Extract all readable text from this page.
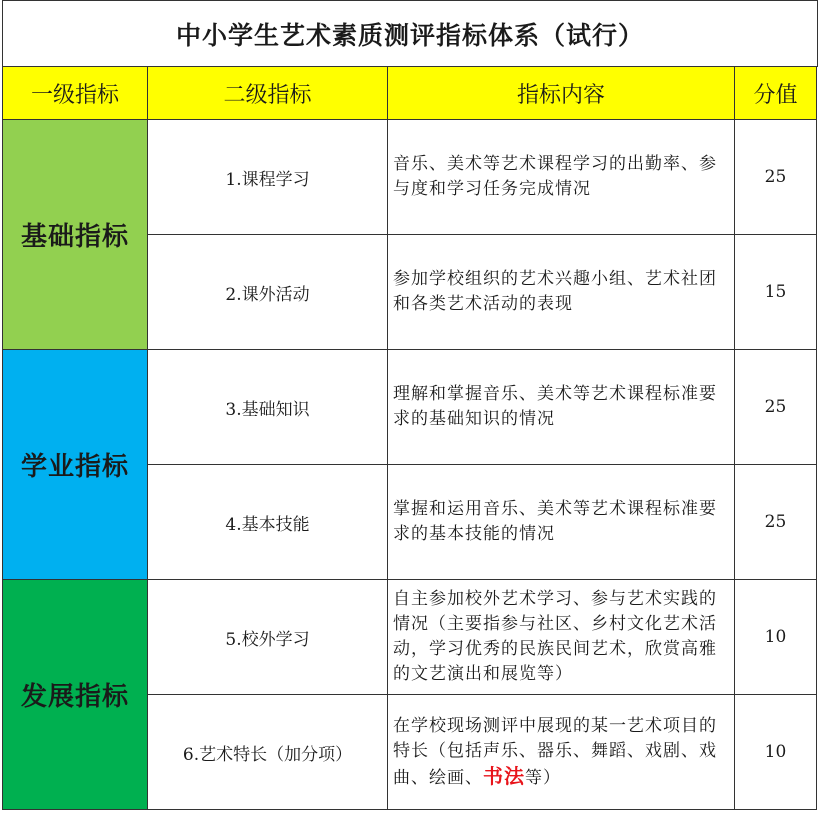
中小学生艺术素质测评指标体系（试行）
一级指标	二级指标	指标内容	分值
基础指标	1.课程学习	音乐、美术等艺术课程学习的出勤率、参与度和学习任务完成情况	25
	2.课外活动	参加学校组织的艺术兴趣小组、艺术社团和各类艺术活动的表现	15
学业指标	3.基础知识	理解和掌握音乐、美术等艺术课程标准要求的基础知识的情况	25
	4.基本技能	掌握和运用音乐、美术等艺术课程标准要求的基本技能的情况	25
发展指标	5.校外学习	自主参加校外艺术学习、参与艺术实践的情况（主要指参与社区、乡村文化艺术活动，学习优秀的民族民间艺术，欣赏高雅的文艺演出和展览等）	10
	6.艺术特长（加分项）	在学校现场测评中展现的某一艺术项目的特长（包括声乐、器乐、舞蹈、戏剧、戏曲、绘画、书法等）	10
